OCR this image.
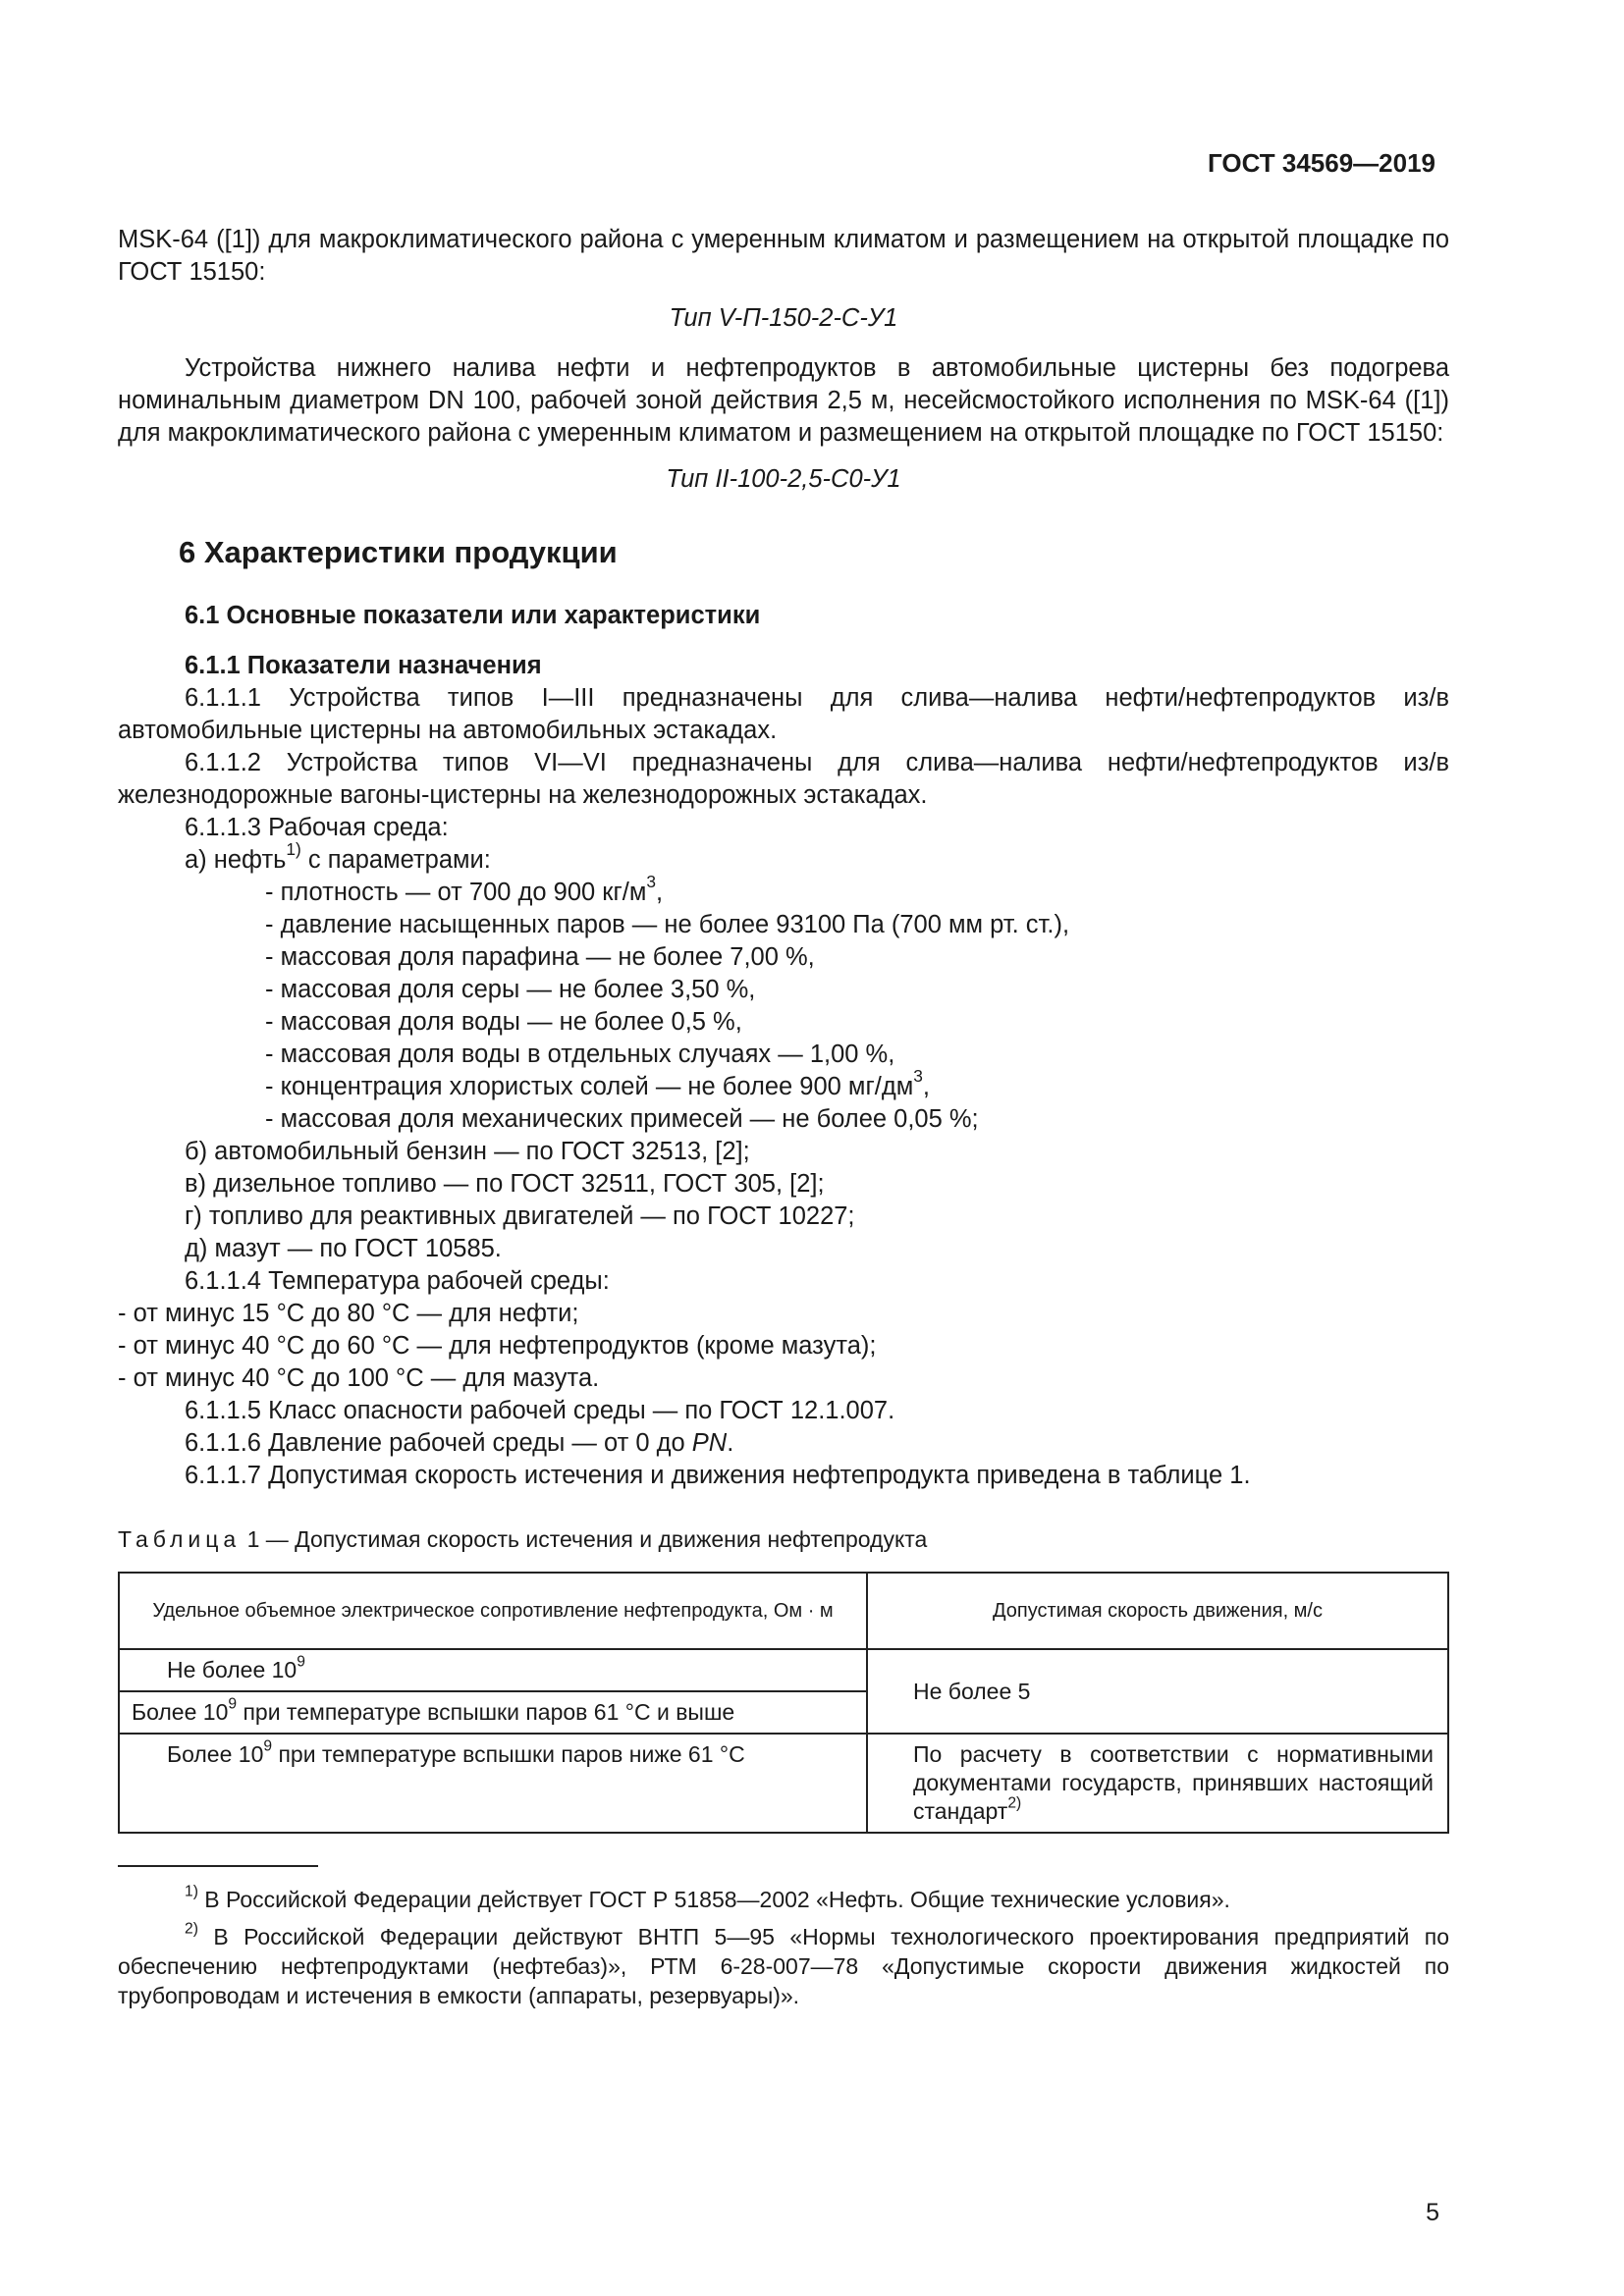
ГОСТ 34569—2019

MSK-64 ([1]) для макроклиматического района с умеренным климатом и размещением на открытой площадке по ГОСТ 15150:

Тип V-П-150-2-С-У1

Устройства нижнего налива нефти и нефтепродуктов в автомобильные цистерны без подогрева номинальным диаметром DN 100, рабочей зоной действия 2,5 м, несейсмостойкого исполнения по MSK-64 ([1]) для макроклиматического района с умеренным климатом и размещением на открытой площадке по ГОСТ 15150:

Тип II-100-2,5-С0-У1

6 Характеристики продукции
6.1 Основные показатели или характеристики

6.1.1 Показатели назначения

6.1.1.1 Устройства типов I—III предназначены для слива—налива нефти/нефтепродуктов из/в автомобильные цистерны на автомобильных эстакадах.

6.1.1.2 Устройства типов VI—VI предназначены для слива—налива нефти/нефтепродуктов из/в железнодорожные вагоны-цистерны на железнодорожных эстакадах.

6.1.1.3 Рабочая среда:

а) нефть$^{1)}$ с параметрами:

- плотность — от 700 до 900 $кг/м^3$,

- давление насыщенных паров — не более 93100 Па (700 мм рт. ст.),

- массовая доля парафина — не более 7,00 %,

- массовая доля серы — не более 3,50 %,

- массовая доля воды — не более 0,5 %,

- массовая доля воды в отдельных случаях — 1,00 %,

- концентрация хлористых солей — не более 900 $мг/дм^3$,

- массовая доля механических примесей — не более 0,05 %;

б) автомобильный бензин — по ГОСТ 32513, [2];

в) дизельное топливо — по ГОСТ 32511, ГОСТ 305, [2];

г) топливо для реактивных двигателей — по ГОСТ 10227;

д) мазут — по ГОСТ 10585.

6.1.1.4 Температура рабочей среды:

- от минус 15 °С до 80 °С — для нефти;

- от минус 40 °С до 60 °С — для нефтепродуктов (кроме мазута);

- от минус 40 °С до 100 °С — для мазута.

6.1.1.5 Класс опасности рабочей среды — по ГОСТ 12.1.007.

6.1.1.6 Давление рабочей среды — от 0 до PN.

6.1.1.7 Допустимая скорость истечения и движения нефтепродукта приведена в таблице 1.

Таблица 1 — Допустимая скорость истечения и движения нефтепродукта

Удельное объемное электрическое сопротивление нефтепродукта, Ом · м	Допустимая скорость движения, м/с
Не более $10^9$	Не более 5
Более $10^9$ при температуре вспышки паров 61 °С и выше	
Более $10^9$ при температуре вспышки паров ниже 61 °С	По расчету в соответствии с нормативными документами государств, принявших настоящий стандарт$^{2)}$

$^{1)}$ В Российской Федерации действует ГОСТ Р 51858—2002 «Нефть. Общие технические условия».

$^{2)}$ В Российской Федерации действуют ВНТП 5—95 «Нормы технологического проектирования предприятий по обеспечению нефтепродуктами (нефтебаз)», РТМ 6-28-007—78 «Допустимые скорости движения жидкостей по трубопроводам и истечения в емкости (аппараты, резервуары)».

5
